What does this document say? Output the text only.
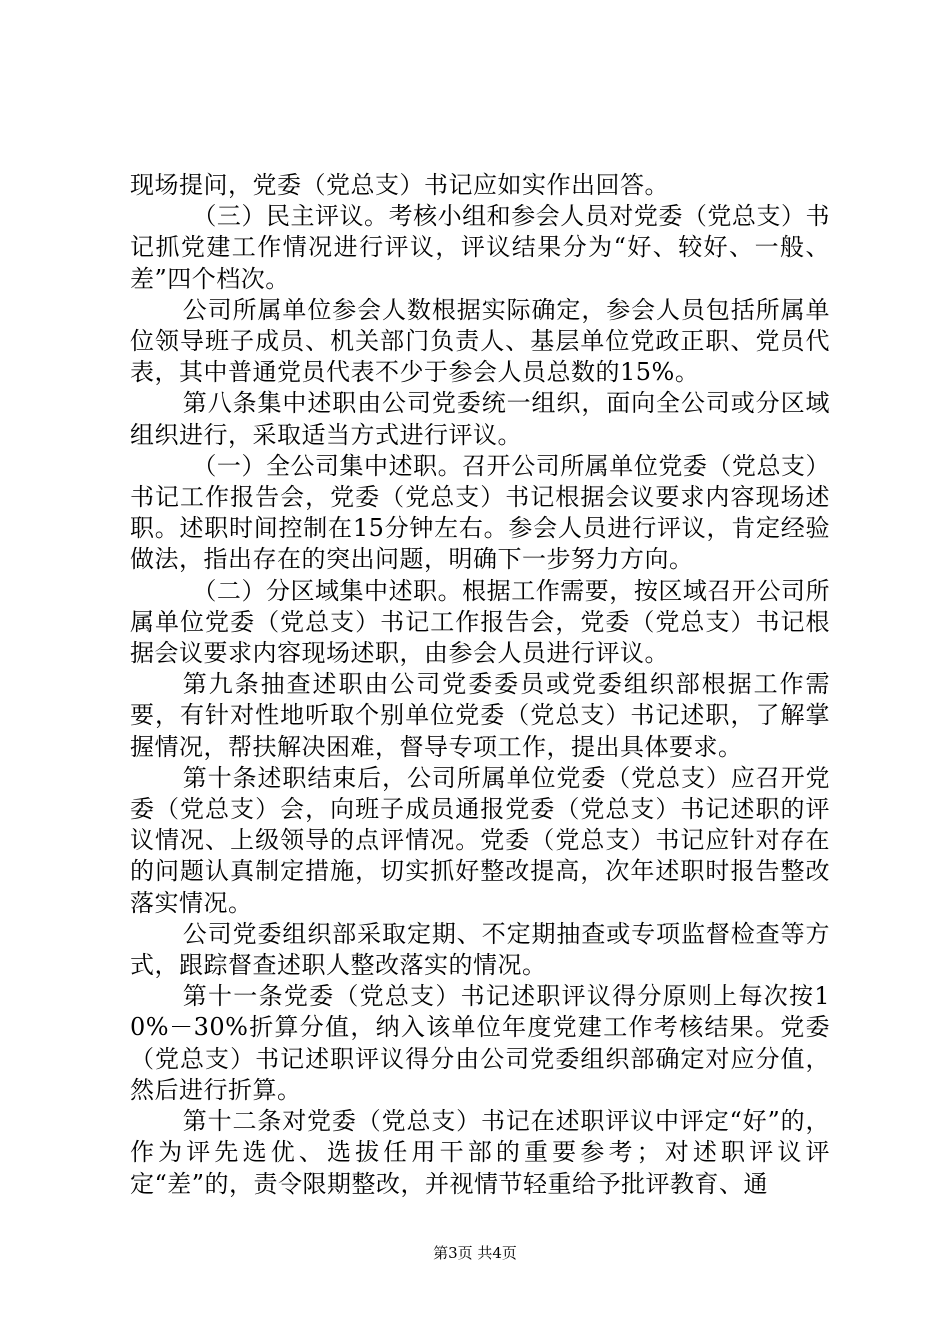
现场提问，党委（党总支）书记应如实作出回答。

（三）民主评议。考核小组和参会人员对党委（党总支）书记抓党建工作情况进行评议，评议结果分为“好、较好、一般、差”四个档次。

公司所属单位参会人数根据实际确定，参会人员包括所属单位领导班子成员、机关部门负责人、基层单位党政正职、党员代表，其中普通党员代表不少于参会人员总数的15%。

第八条集中述职由公司党委统一组织，面向全公司或分区域组织进行，采取适当方式进行评议。

（一）全公司集中述职。召开公司所属单位党委（党总支）书记工作报告会，党委（党总支）书记根据会议要求内容现场述职。述职时间控制在15分钟左右。参会人员进行评议，肯定经验做法，指出存在的突出问题，明确下一步努力方向。

（二）分区域集中述职。根据工作需要，按区域召开公司所属单位党委（党总支）书记工作报告会，党委（党总支）书记根据会议要求内容现场述职，由参会人员进行评议。

第九条抽查述职由公司党委委员或党委组织部根据工作需要，有针对性地听取个别单位党委（党总支）书记述职，了解掌握情况，帮扶解决困难，督导专项工作，提出具体要求。

第十条述职结束后，公司所属单位党委（党总支）应召开党委（党总支）会，向班子成员通报党委（党总支）书记述职的评议情况、上级领导的点评情况。党委（党总支）书记应针对存在的问题认真制定措施，切实抓好整改提高，次年述职时报告整改落实情况。

公司党委组织部采取定期、不定期抽查或专项监督检查等方式，跟踪督查述职人整改落实的情况。

第十一条党委（党总支）书记述职评议得分原则上每次按10%－30%折算分值，纳入该单位年度党建工作考核结果。党委（党总支）书记述职评议得分由公司党委组织部确定对应分值，然后进行折算。

第十二条对党委（党总支）书记在述职评议中评定“好”的，作为评先选优、选拔任用干部的重要参考；对述职评议评定“差”的，责令限期整改，并视情节轻重给予批评教育、通

第3页 共4页
